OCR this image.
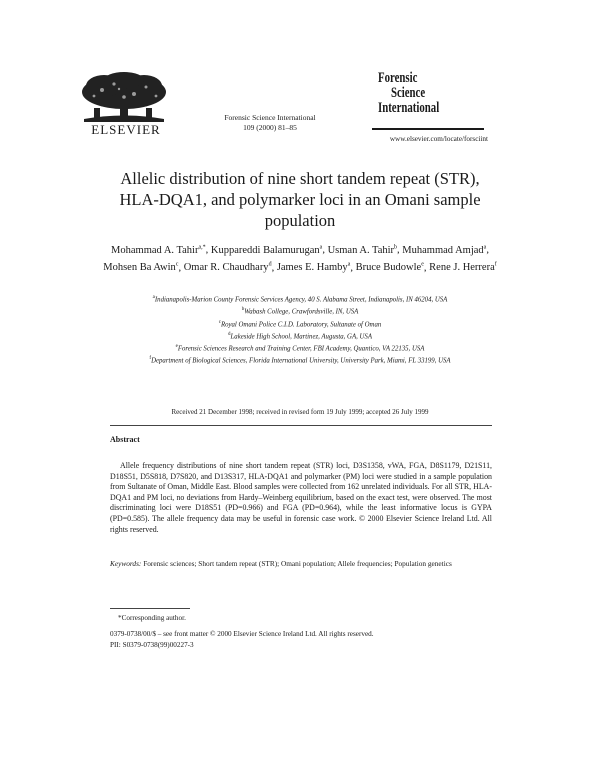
ELSEVIER
Forensic Science International
109 (2000) 81–85
Forensic
Science
International
www.elsevier.com/locate/forsciint
Allelic distribution of nine short tandem repeat (STR), HLA-DQA1, and polymarker loci in an Omani sample population
Mohammad A. Tahir$^{a,*}$, Kuppareddi Balamurugan$^a$, Usman A. Tahir$^b$, Muhammad Amjad$^a$, Mohsen Ba Awin$^c$, Omar R. Chaudhary$^d$, James E. Hamby$^a$, Bruce Budowle$^e$, Rene J. Herrera$^f$
$^a$Indianapolis-Marion County Forensic Services Agency, 40 S. Alabama Street, Indianapolis, IN 46204, USA
$^b$Wabash College, Crawfordsville, IN, USA
$^c$Royal Omani Police C.I.D. Laboratory, Sultanate of Oman
$^d$Lakeside High School, Martinez, Augusta, GA, USA
$^e$Forensic Sciences Research and Training Center, FBI Academy, Quantico, VA 22135, USA
$^f$Department of Biological Sciences, Florida International University, University Park, Miami, FL 33199, USA
Received 21 December 1998; received in revised form 19 July 1999; accepted 26 July 1999
Abstract
Allele frequency distributions of nine short tandem repeat (STR) loci, D3S1358, vWA, FGA, D8S1179, D21S11, D18S51, D5S818, D7S820, and D13S317, HLA-DQA1 and polymarker (PM) loci were studied in a sample population from Sultanate of Oman, Middle East. Blood samples were collected from 162 unrelated individuals. For all STR, HLA-DQA1 and PM loci, no deviations from Hardy–Weinberg equilibrium, based on the exact test, were observed. The most discriminating loci were D18S51 (PD=0.966) and FGA (PD=0.964), while the least informative locus is GYPA (PD=0.585). The allele frequency data may be useful in forensic case work. © 2000 Elsevier Science Ireland Ltd. All rights reserved.
Keywords: Forensic sciences; Short tandem repeat (STR); Omani population; Allele frequencies; Population genetics
*Corresponding author.
0379-0738/00/$ – see front matter © 2000 Elsevier Science Ireland Ltd. All rights reserved.
PII: S0379-0738(99)00227-3
